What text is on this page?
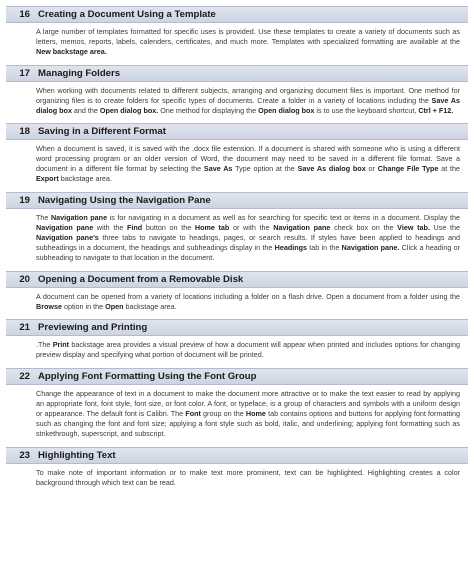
16 Creating a Document Using a Template
A large number of templates formatted for specific uses is provided. Use these templates to create a variety of documents such as letters, memos, reports, labels, calenders, certificates, and much more. Templates with specialized formatting are available at the New backstage area.
17 Managing Folders
When working with documents related to different subjects, arranging and organizing document files is important. One method for organizing files is to create folders for specific types of documents. Create a folder in a variety of locations including the Save As dialog box and the Open dialog box. One method for displaying the Open dialog box is to use the keyboard shortcut, Ctrl + F12.
18 Saving in a Different Format
When a document is saved, it is saved with the .docx file extension. If a document is shared with someone who is using a different word processing program or an older version of Word, the document may need to be saved in a different file format. Save a document in a different file format by selecting the Save As Type option at the Save As dialog box or Change File Type at the Export backstage area.
19 Navigating Using the Navigation Pane
The Navigation pane is for navigating in a document as well as for searching for specific text or items in a document. Display the Navigation pane with the Find button on the Home tab or with the Navigation pane check box on the View tab. Use the Navigation pane's three tabs to navigate to headings, pages, or search results. If styles have been applied to headings and subheadings in a document, the headings and subheadings display in the Headings tab in the Navigation pane. Click a heading or subheading to navigate to that location in the document.
20 Opening a Document from a Removable Disk
A document can be opened from a variety of locations including a folder on a flash drive. Open a document from a folder using the Browse option in the Open backstage area.
21 Previewing and Printing
.The Print backstage area provides a visual preview of how a document will appear when printed and includes options for changing preview display and specifying what portion of document will be printed.
22 Applying Font Formatting Using the Font Group
Change the appearance of text in a document to make the document more attractive or to make the text easier to read by applying an appropriate font, font style, font size, or font color. A font, or typeface, is a group of characters and symbols with a uniform design or appearance. The default font is Calibri. The Font group on the Home tab contains options and buttons for applying font formatting such as changing the font and font size; applying a font style such as bold, italic, and underlining; applying font formatting such as strikethrough, superscript, and subscript.
23 Highlighting Text
To make note of important information or to make text more prominent, text can be highlighted. Highlighting creates a color background through which text can be read.
